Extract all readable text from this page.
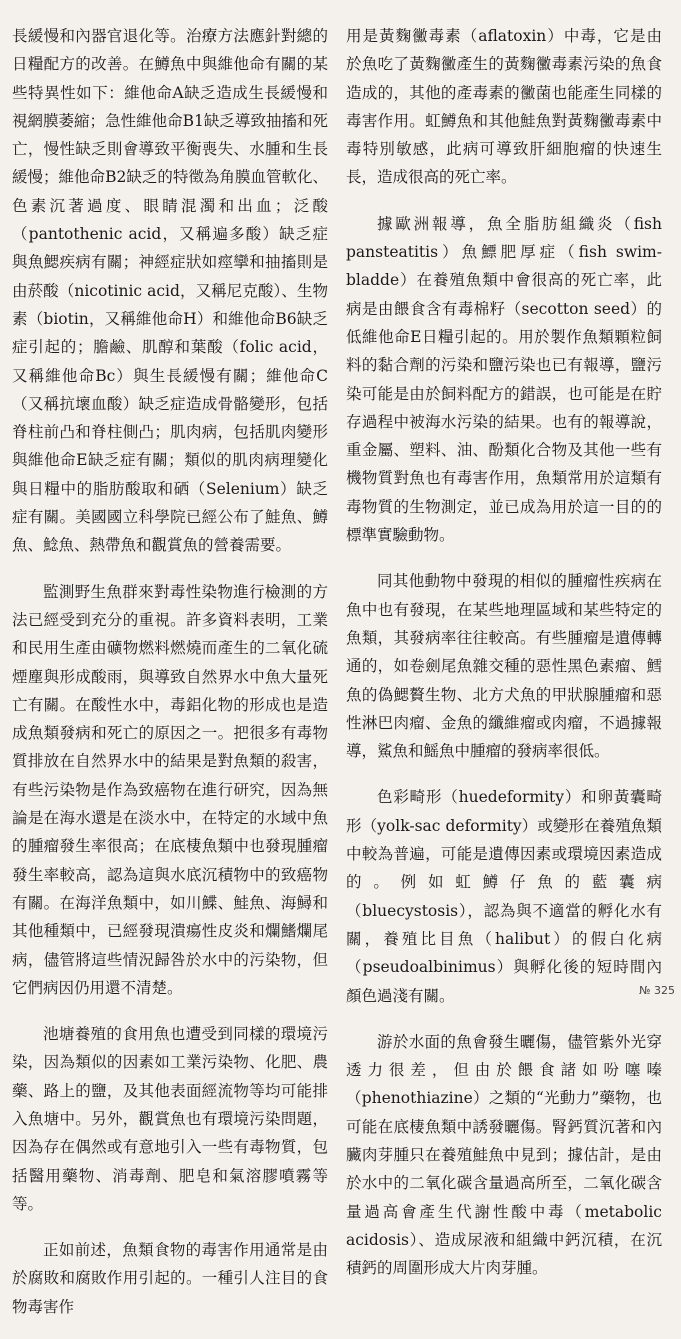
長緩慢和內器官退化等。治療方法應針對總的日糧配方的改善。在鱒魚中與維他命有關的某些特異性如下：維他命A缺乏造成生長緩慢和視網膜萎縮；急性維他命B1缺乏導致抽搐和死亡，慢性缺乏則會導致平衡喪失、水腫和生長緩慢；維他命B2缺乏的特徵為角膜血管軟化、色素沉著過度、眼睛混濁和出血；泛酸（pantothenic acid，又稱遍多酸）缺乏症與魚鰓疾病有關；神經症狀如痙攣和抽搐則是由菸酸（nicotinic acid，又稱尼克酸）、生物素（biotin，又稱維他命H）和維他命B6缺乏症引起的；膽鹼、肌醇和葉酸（folic acid，又稱維他命Bc）與生長緩慢有關；維他命C（又稱抗壞血酸）缺乏症造成骨骼變形，包括脊柱前凸和脊柱側凸；肌肉病，包括肌肉變形與維他命E缺乏症有關；類似的肌肉病理變化與日糧中的脂肪酸取和硒（Selenium）缺乏症有關。美國國立科學院已經公布了鮭魚、鱒魚、鯰魚、熱帶魚和觀賞魚的營養需要。

監測野生魚群來對毒性染物進行檢測的方法已經受到充分的重視。許多資料表明，工業和民用生產由礦物燃料燃燒而產生的二氧化硫煙塵與形成酸雨，與導致自然界水中魚大量死亡有關。在酸性水中，毒鋁化物的形成也是造成魚類發病和死亡的原因之一。把很多有毒物質排放在自然界水中的結果是對魚類的殺害，有些污染物是作為致癌物在進行研究，因為無論是在海水還是在淡水中，在特定的水域中魚的腫瘤發生率很高；在底棲魚類中也發現腫瘤發生率較高，認為這與水底沉積物中的致癌物有關。在海洋魚類中，如川鰈、鮭魚、海鱘和其他種類中，已經發現潰瘍性皮炎和爛鰭爛尾病，儘管將這些情況歸咎於水中的污染物，但它們病因仍用還不清楚。

池塘養殖的食用魚也遭受到同樣的環境污染，因為類似的因素如工業污染物、化肥、農藥、路上的鹽，及其他表面經流物等均可能排入魚塘中。另外，觀賞魚也有環境污染問題，因為存在偶然或有意地引入一些有毒物質，包括醫用藥物、消毒劑、肥皂和氣溶膠噴霧等等。

正如前述，魚類食物的毒害作用通常是由於腐敗和腐敗作用引起的。一種引人注目的食物毒害作

用是黃麴黴毒素（aflatoxin）中毒，它是由於魚吃了黃麴黴產生的黃麴黴毒素污染的魚食造成的，其他的產毒素的黴菌也能產生同樣的毒害作用。虹鱒魚和其他鮭魚對黃麴黴毒素中毒特別敏感，此病可導致肝細胞瘤的快速生長，造成很高的死亡率。

據歐洲報導，魚全脂肪組織炎（fish pansteatitis）魚鰾肥厚症（fish swim-bladde）在養殖魚類中會很高的死亡率，此病是由餵食含有毒棉籽（secotton seed）的低維他命E日糧引起的。用於製作魚類顆粒飼料的黏合劑的污染和鹽污染也已有報導，鹽污染可能是由於飼料配方的錯誤，也可能是在貯存過程中被海水污染的結果。也有的報導說，重金屬、塑料、油、酚類化合物及其他一些有機物質對魚也有毒害作用，魚類常用於這類有毒物質的生物測定，並已成為用於這一目的的標準實驗動物。

同其他動物中發現的相似的腫瘤性疾病在魚中也有發現，在某些地理區域和某些特定的魚類，其發病率往往較高。有些腫瘤是遺傳轉通的，如卷劍尾魚雜交種的惡性黑色素瘤、鱈魚的偽鰓贅生物、北方犬魚的甲狀腺腫瘤和惡性淋巴肉瘤、金魚的纖維瘤或肉瘤，不過據報導，鯊魚和鰩魚中腫瘤的發病率很低。

色彩畸形（huedeformity）和卵黃囊畸形（yolk-sac deformity）或變形在養殖魚類中較為普遍，可能是遺傳因素或環境因素造成的。例如虹鱒仔魚的藍囊病（bluecystosis），認為與不適當的孵化水有關，養殖比目魚（halibut）的假白化病（pseudoalbinimus）與孵化後的短時間內顏色過淺有關。

游於水面的魚會發生曬傷，儘管紫外光穿透力很差，但由於餵食諸如吩噻嗪（phenothiazine）之類的“光動力”藥物，也可能在底棲魚類中誘發曬傷。腎鈣質沉著和內臟肉芽腫只在養殖鮭魚中見到；據估計，是由於水中的二氧化碳含量過高所至，二氧化碳含量過高會產生代謝性酸中毒（metabolic acidosis）、造成尿液和組織中鈣沉積，在沉積鈣的周圍形成大片肉芽腫。

№ 325
